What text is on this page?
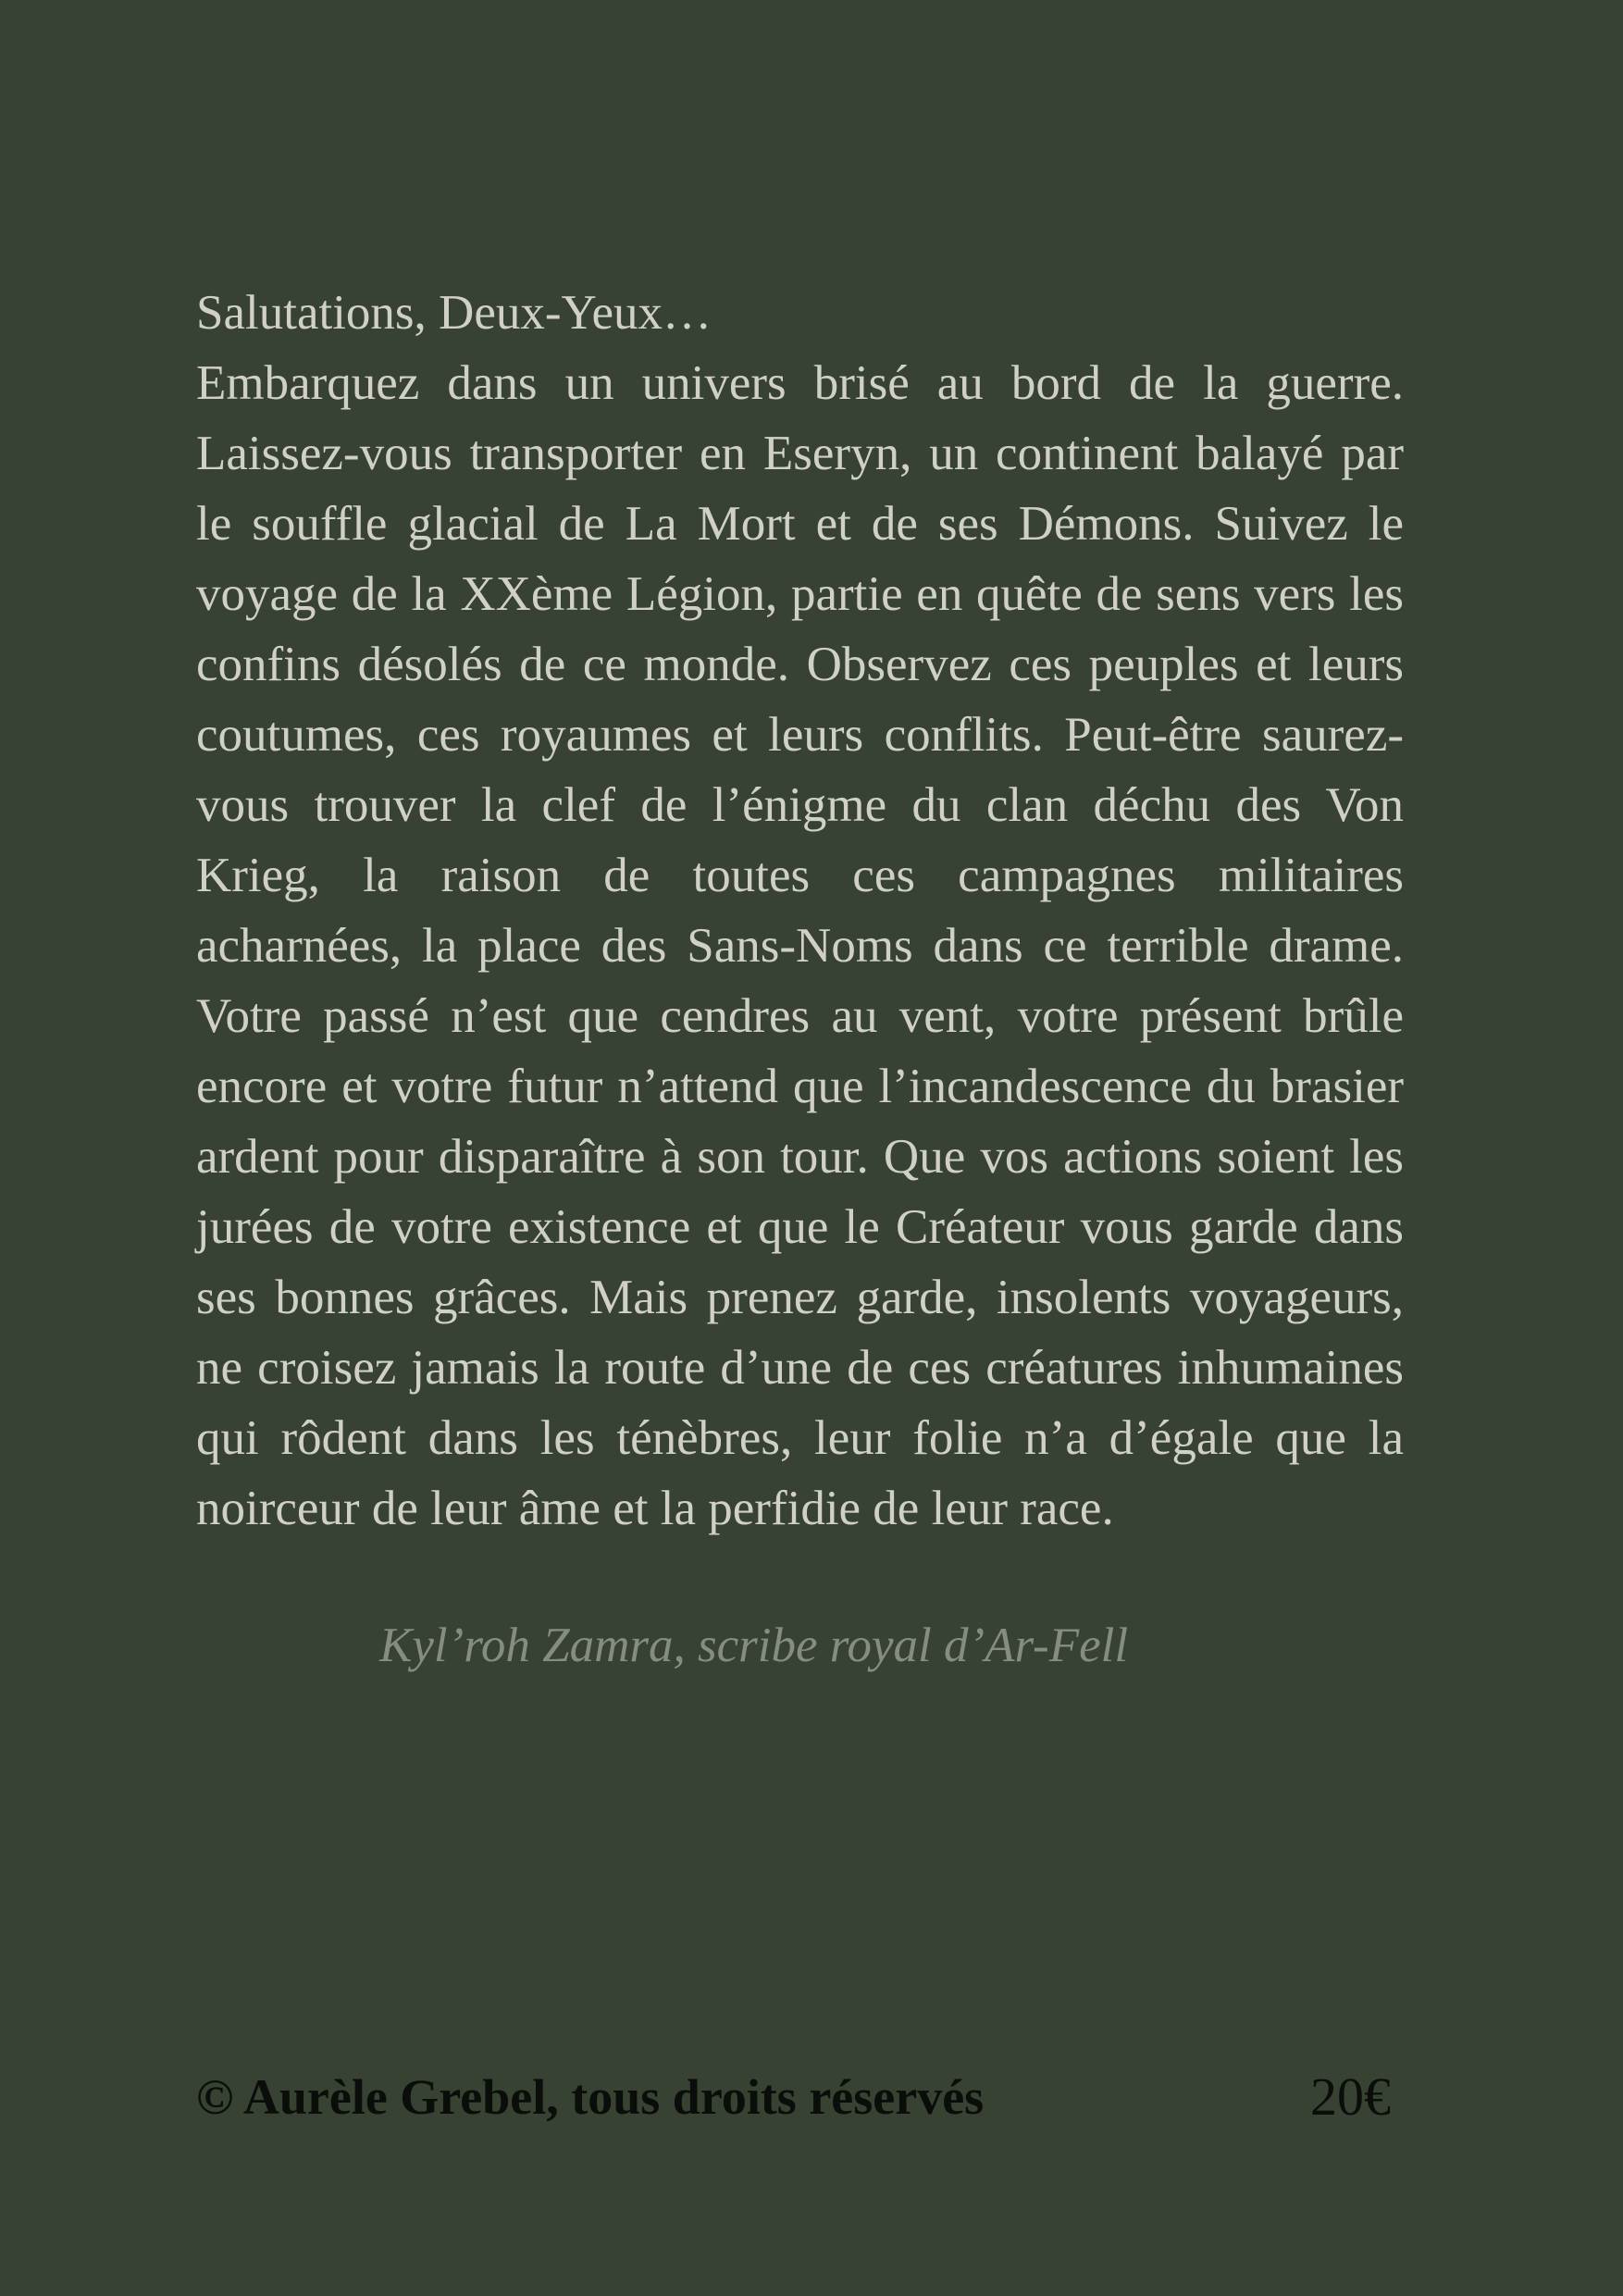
Salutations, Deux-Yeux…

Embarquez dans un univers brisé au bord de la guerre. Laissez-vous transporter en Eseryn, un continent balayé par le souffle glacial de La Mort et de ses Démons. Suivez le voyage de la XXème Légion, partie en quête de sens vers les confins désolés de ce monde. Observez ces peuples et leurs coutumes, ces royaumes et leurs conflits. Peut-être saurez-vous trouver la clef de l’énigme du clan déchu des Von Krieg, la raison de toutes ces campagnes militaires acharnées, la place des Sans-Noms dans ce terrible drame. Votre passé n’est que cendres au vent, votre présent brûle encore et votre futur n’attend que l’incandescence du brasier ardent pour disparaître à son tour. Que vos actions soient les jurées de votre existence et que le Créateur vous garde dans ses bonnes grâces. Mais prenez garde, insolents voyageurs, ne croisez jamais la route d’une de ces créatures inhumaines qui rôdent dans les ténèbres, leur folie n’a d’égale que la noirceur de leur âme et la perfidie de leur race.

Kyl’roh Zamra, scribe royal d’Ar-Fell
© Aurèle Grebel, tous droits réservés	20€
